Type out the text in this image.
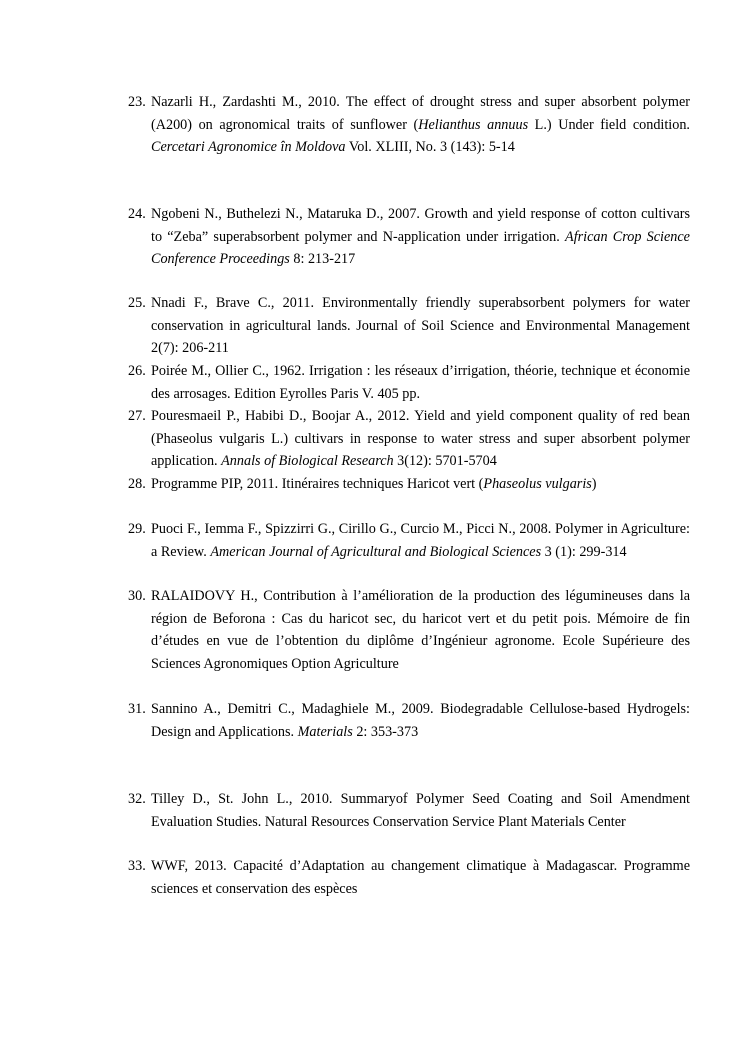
23. Nazarli H., Zardashti M., 2010. The effect of drought stress and super absorbent polymer (A200) on agronomical traits of sunflower (Helianthus annuus L.) Under field condition. Cercetari Agronomice în Moldova Vol. XLIII, No. 3 (143): 5-14
24. Ngobeni N., Buthelezi N., Mataruka D., 2007. Growth and yield response of cotton cultivars to “Zeba” superabsorbent polymer and N-application under irrigation. African Crop Science Conference Proceedings 8: 213-217
25. Nnadi F., Brave C., 2011. Environmentally friendly superabsorbent polymers for water conservation in agricultural lands. Journal of Soil Science and Environmental Management 2(7): 206-211
26. Poirée M., Ollier C., 1962. Irrigation : les réseaux d’irrigation, théorie, technique et économie des arrosages. Edition Eyrolles Paris V. 405 pp.
27. Pouresmaeil P., Habibi D., Boojar A., 2012. Yield and yield component quality of red bean (Phaseolus vulgaris L.) cultivars in response to water stress and super absorbent polymer application. Annals of Biological Research 3(12): 5701-5704
28. Programme PIP, 2011. Itinéraires techniques Haricot vert (Phaseolus vulgaris)
29. Puoci F., Iemma F., Spizzirri G., Cirillo G., Curcio M., Picci N., 2008. Polymer in Agriculture: a Review. American Journal of Agricultural and Biological Sciences 3 (1): 299-314
30. RALAIDOVY H., Contribution à l’amélioration de la production des légumineuses dans la région de Beforona : Cas du haricot sec, du haricot vert et du petit pois. Mémoire de fin d’études en vue de l’obtention du diplôme d’Ingénieur agronome. Ecole Supérieure des Sciences Agronomiques Option Agriculture
31. Sannino A., Demitri C., Madaghiele M., 2009. Biodegradable Cellulose-based Hydrogels: Design and Applications. Materials 2: 353-373
32. Tilley D., St. John L., 2010. Summaryof Polymer Seed Coating and Soil Amendment Evaluation Studies. Natural Resources Conservation Service Plant Materials Center
33. WWF, 2013. Capacité d’Adaptation au changement climatique à Madagascar. Programme sciences et conservation des espèces
